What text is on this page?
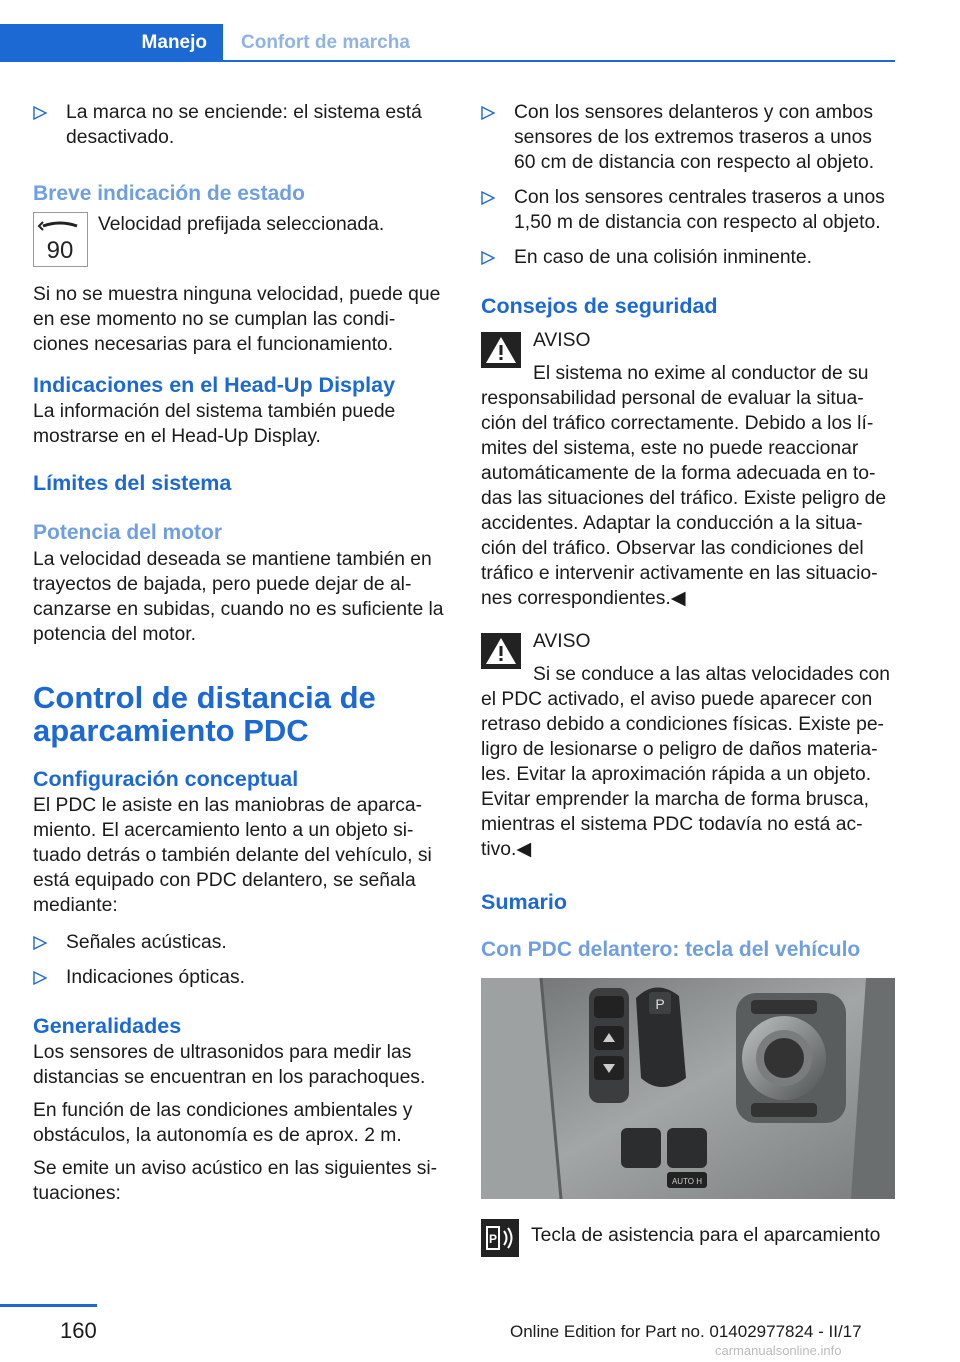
Manejo	Confort de marcha
La marca no se enciende: el sistema está desactivado.
Breve indicación de estado
90
Velocidad prefijada seleccionada.
Si no se muestra ninguna velocidad, puede que en ese momento no se cumplan las condi‐ciones necesarias para el funcionamiento.
Indicaciones en el Head-Up Display
La información del sistema también puede mostrarse en el Head-Up Display.
Límites del sistema
Potencia del motor
La velocidad deseada se mantiene también en trayectos de bajada, pero puede dejar de al‐canzarse en subidas, cuando no es suficiente la potencia del motor.
Control de distancia de aparcamiento PDC
Configuración conceptual
El PDC le asiste en las maniobras de aparca‐miento. El acercamiento lento a un objeto si‐tuado detrás o también delante del vehículo, si está equipado con PDC delantero, se señala mediante:
Señales acústicas.
Indicaciones ópticas.
Generalidades
Los sensores de ultrasonidos para medir las distancias se encuentran en los parachoques.
En función de las condiciones ambientales y obstáculos, la autonomía es de aprox. 2 m.
Se emite un aviso acústico en las siguientes si‐tuaciones:
Con los sensores delanteros y con ambos sensores de los extremos traseros a unos 60 cm de distancia con respecto al objeto.
Con los sensores centrales traseros a unos 1,50 m de distancia con respecto al objeto.
En caso de una colisión inminente.
Consejos de seguridad
AVISO
El sistema no exime al conductor de su responsabilidad personal de evaluar la situa‐ción del tráfico correctamente. Debido a los lí‐mites del sistema, este no puede reaccionar automáticamente de la forma adecuada en to‐das las situaciones del tráfico. Existe peligro de accidentes. Adaptar la conducción a la situa‐ción del tráfico. Observar las condiciones del tráfico e intervenir activamente en las situacio‐nes correspondientes.◀
AVISO
Si se conduce a las altas velocidades con el PDC activado, el aviso puede aparecer con retraso debido a condiciones físicas. Existe pe‐ligro de lesionarse o peligro de daños materia‐les. Evitar la aproximación rápida a un objeto. Evitar emprender la marcha de forma brusca, mientras el sistema PDC todavía no está ac‐tivo.◀
Sumario
Con PDC delantero: tecla del vehículo
P
AUTO H
P Tecla de asistencia para el aparcamiento
160	Online Edition for Part no. 01402977824 - II/17
carmanualsonline.info
